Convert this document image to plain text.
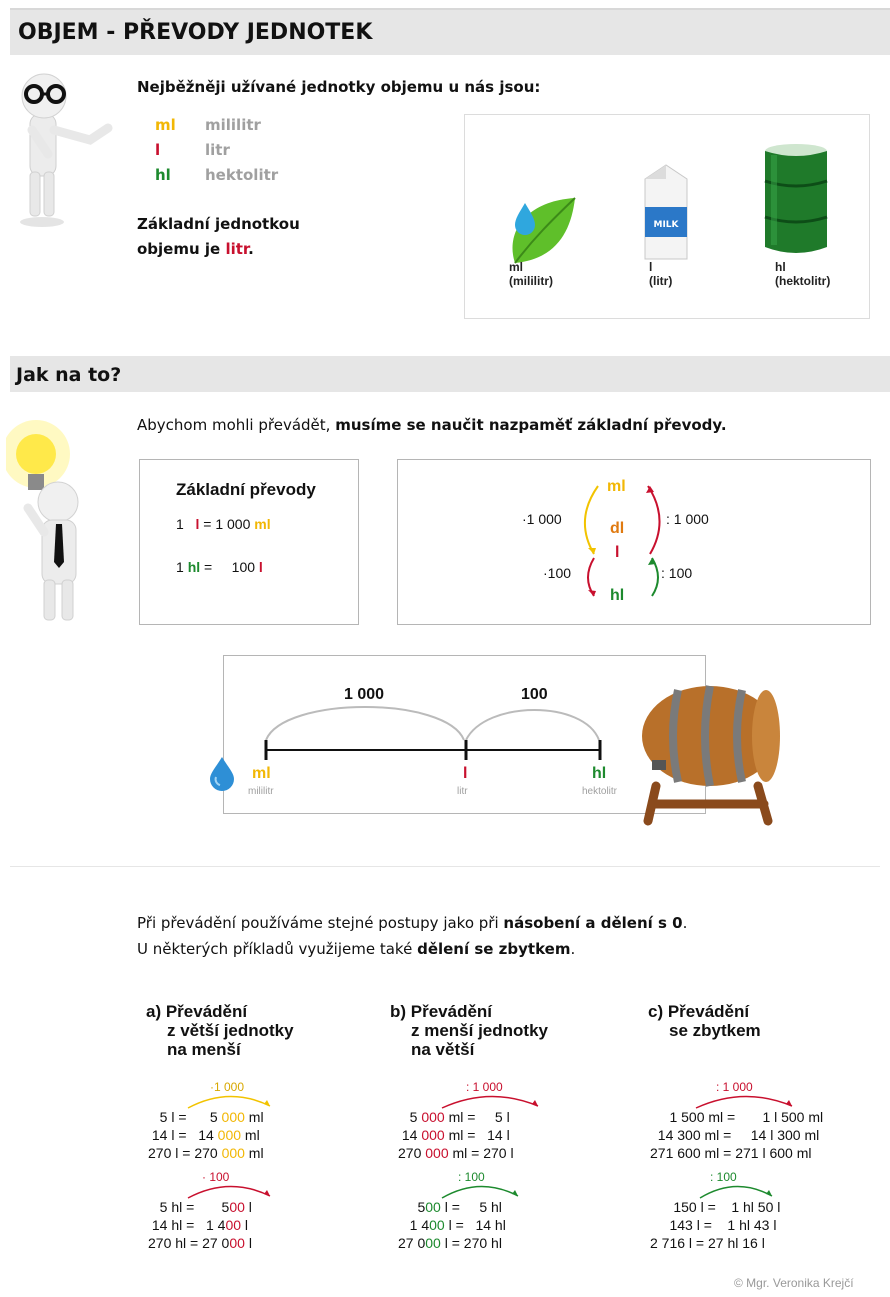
OBJEM - PŘEVODY JEDNOTEK
Nejběžněji užívané jednotky objemu u nás jsou:
ml mililitr
l	litr
hl hektolitr
Základní jednotkou
objemu je litr.
ml
(mililitr)
MILK
l
(litr)
hl
(hektolitr)
Jak na to?
Abychom mohli převádět, musíme se naučit nazpaměť základní převody.
Základní převody
1 l = 1 000 ml
1 hl = 100 l
ml
dl
l
hl
·1 000	: 1 000
·100	: 100
1 000	100
ml
mililitr
l
litr
hl
hektolitr
Při převádění používáme stejné postupy jako při násobení a dělení s 0.
U některých příkladů využijeme také dělení se zbytkem.
a) Převádění
z větší jednotky
na menší
·1 000
5 l =      5 000 ml
14 l =   14 000 ml
270 l = 270 000 ml
· 100
5 hl =       500 l
14 hl =   1 400 l
270 hl = 27 000 l
b) Převádění
z menší jednotky
na větší
: 1 000
5 000 ml =     5 l
14 000 ml =   14 l
270 000 ml = 270 l
: 100
500 l =     5 hl
1 400 l =   14 hl
27 000 l = 270 hl
c) Převádění
se zbytkem
: 1 000
1 500 ml =       1 l 500 ml
14 300 ml =     14 l 300 ml
271 600 ml = 271 l 600 ml
: 100
150 l =    1 hl 50 l
143 l =    1 hl 43 l
2 716 l = 27 hl 16 l
© Mgr. Veronika Krejčí
